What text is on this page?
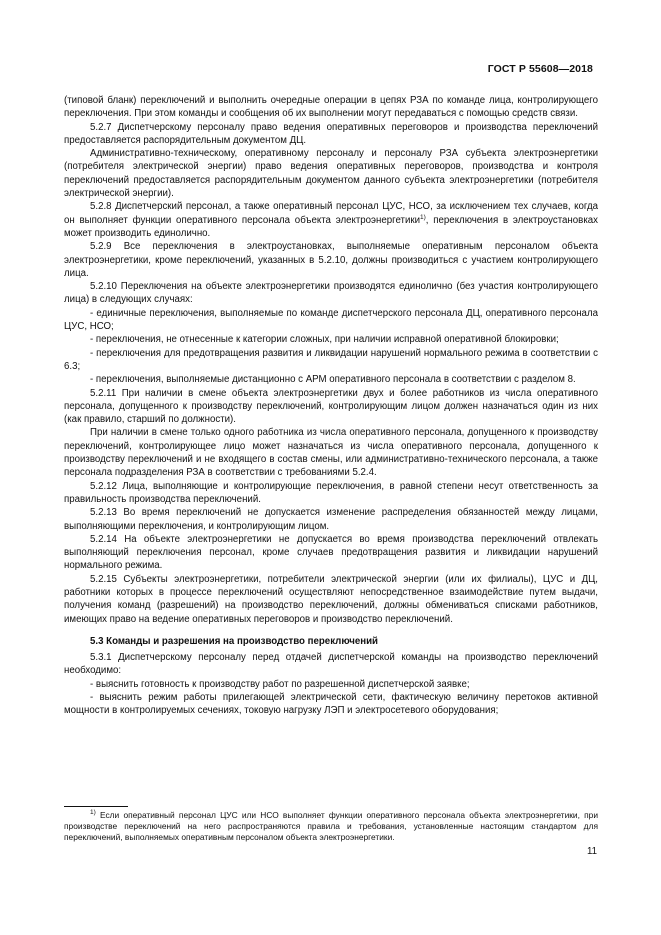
ГОСТ Р 55608—2018

(типовой бланк) переключений и выполнить очередные операции в цепях РЗА по команде лица, контролирующего переключения. При этом команды и сообщения об их выполнении могут передаваться с помощью средств связи.

5.2.7 Диспетчерскому персоналу право ведения оперативных переговоров и производства переключений предоставляется распорядительным документом ДЦ.

Административно-техническому, оперативному персоналу и персоналу РЗА субъекта электроэнергетики (потребителя электрической энергии) право ведения оперативных переговоров, производства и контроля переключений предоставляется распорядительным документом данного субъекта электроэнергетики (потребителя электрической энергии).

5.2.8 Диспетчерский персонал, а также оперативный персонал ЦУС, НСО, за исключением тех случаев, когда он выполняет функции оперативного персонала объекта электроэнергетики$^{1)}$, переключения в электроустановках может производить единолично.

5.2.9 Все переключения в электроустановках, выполняемые оперативным персоналом объекта электроэнергетики, кроме переключений, указанных в 5.2.10, должны производиться с участием контролирующего лица.

5.2.10 Переключения на объекте электроэнергетики производятся единолично (без участия контролирующего лица) в следующих случаях:

- единичные переключения, выполняемые по команде диспетчерского персонала ДЦ, оперативного персонала ЦУС, НСО;

- переключения, не отнесенные к категории сложных, при наличии исправной оперативной блокировки;

- переключения для предотвращения развития и ликвидации нарушений нормального режима в соответствии с 6.3;

- переключения, выполняемые дистанционно с АРМ оперативного персонала в соответствии с разделом 8.

5.2.11 При наличии в смене объекта электроэнергетики двух и более работников из числа оперативного персонала, допущенного к производству переключений, контролирующим лицом должен назначаться один из них (как правило, старший по должности).

При наличии в смене только одного работника из числа оперативного персонала, допущенного к производству переключений, контролирующее лицо может назначаться из числа оперативного персонала, допущенного к производству переключений и не входящего в состав смены, или административно-технического персонала, а также персонала подразделения РЗА в соответствии с требованиями 5.2.4.

5.2.12 Лица, выполняющие и контролирующие переключения, в равной степени несут ответственность за правильность производства переключений.

5.2.13 Во время переключений не допускается изменение распределения обязанностей между лицами, выполняющими переключения, и контролирующим лицом.

5.2.14 На объекте электроэнергетики не допускается во время производства переключений отвлекать выполняющий переключения персонал, кроме случаев предотвращения развития и ликвидации нарушений нормального режима.

5.2.15 Субъекты электроэнергетики, потребители электрической энергии (или их филиалы), ЦУС и ДЦ, работники которых в процессе переключений осуществляют непосредственное взаимодействие путем выдачи, получения команд (разрешений) на производство переключений, должны обмениваться списками работников, имеющих право на ведение оперативных переговоров и производство переключений.

5.3 Команды и разрешения на производство переключений

5.3.1 Диспетчерскому персоналу перед отдачей диспетчерской команды на производство переключений необходимо:

- выяснить готовность к производству работ по разрешенной диспетчерской заявке;

- выяснить режим работы прилегающей электрической сети, фактическую величину перетоков активной мощности в контролируемых сечениях, токовую нагрузку ЛЭП и электросетевого оборудования;

$^{1)}$ Если оперативный персонал ЦУС или НСО выполняет функции оперативного персонала объекта электроэнергетики, при производстве переключений на него распространяются правила и требования, установленные настоящим стандартом для переключений, выполняемых оперативным персоналом объекта электроэнергетики.
11
